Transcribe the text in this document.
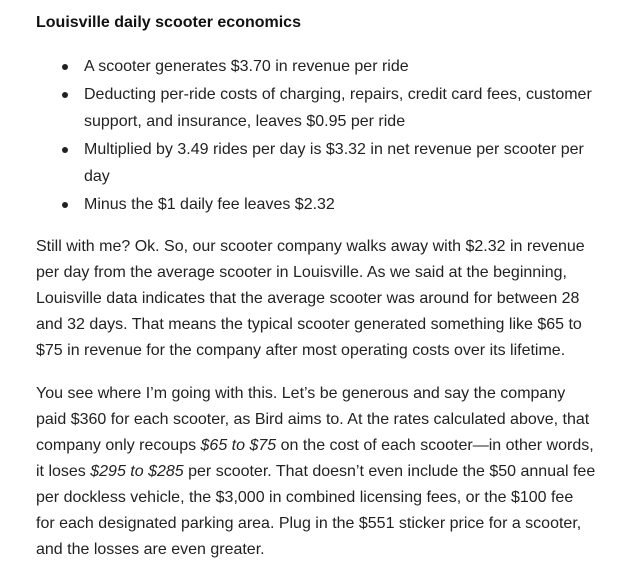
Louisville daily scooter economics
A scooter generates $3.70 in revenue per ride
Deducting per-ride costs of charging, repairs, credit card fees, customer support, and insurance, leaves $0.95 per ride
Multiplied by 3.49 rides per day is $3.32 in net revenue per scooter per day
Minus the $1 daily fee leaves $2.32

Still with me? Ok. So, our scooter company walks away with $2.32 in revenue per day from the average scooter in Louisville. As we said at the beginning, Louisville data indicates that the average scooter was around for between 28 and 32 days. That means the typical scooter generated something like $65 to $75 in revenue for the company after most operating costs over its lifetime.

You see where I’m going with this. Let’s be generous and say the company paid $360 for each scooter, as Bird aims to. At the rates calculated above, that company only recoups $65 to $75 on the cost of each scooter—in other words, it loses $295 to $285 per scooter. That doesn’t even include the $50 annual fee per dockless vehicle, the $3,000 in combined licensing fees, or the $100 fee for each designated parking area. Plug in the $551 sticker price for a scooter, and the losses are even greater.
